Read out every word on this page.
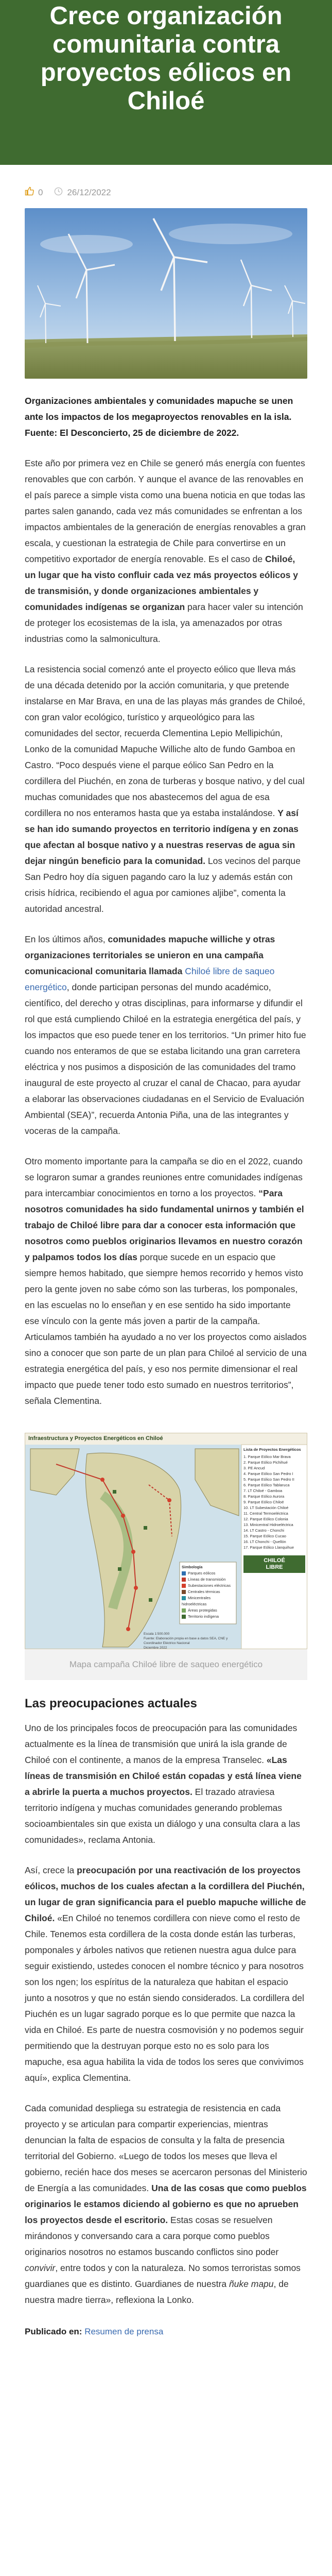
Crece organización comunitaria contra proyectos eólicos en Chiloé
0	26/12/2022

Organizaciones ambientales y comunidades mapuche se unen ante los impactos de los megaproyectos renovables en la isla. Fuente: El Desconcierto, 25 de diciembre de 2022.

Este año por primera vez en Chile se generó más energía con fuentes renovables que con carbón. Y aunque el avance de las renovables en el país parece a simple vista como una buena noticia en que todas las partes salen ganando, cada vez más comunidades se enfrentan a los impactos ambientales de la generación de energías renovables a gran escala, y cuestionan la estrategia de Chile para convertirse en un competitivo exportador de energía renovable. Es el caso de Chiloé, un lugar que ha visto confluir cada vez más proyectos eólicos y de transmisión, y donde organizaciones ambientales y comunidades indígenas se organizan para hacer valer su intención de proteger los ecosistemas de la isla, ya amenazados por otras industrias como la salmonicultura.

La resistencia social comenzó ante el proyecto eólico que lleva más de una década detenido por la acción comunitaria, y que pretende instalarse en Mar Brava, en una de las playas más grandes de Chiloé, con gran valor ecológico, turístico y arqueológico para las comunidades del sector, recuerda Clementina Lepio Mellipichún, Lonko de la comunidad Mapuche Williche alto de fundo Gamboa en Castro. “Poco después viene el parque eólico San Pedro en la cordillera del Piuchén, en zona de turberas y bosque nativo, y del cual muchas comunidades que nos abastecemos del agua de esa cordillera no nos enteramos hasta que ya estaba instalándose. Y así se han ido sumando proyectos en territorio indígena y en zonas que afectan al bosque nativo y a nuestras reservas de agua sin dejar ningún beneficio para la comunidad. Los vecinos del parque San Pedro hoy día siguen pagando caro la luz y además están con crisis hídrica, recibiendo el agua por camiones aljibe”, comenta la autoridad ancestral.

En los últimos años, comunidades mapuche williche y otras organizaciones territoriales se unieron en una campaña comunicacional comunitaria llamada Chiloé libre de saqueo energético, donde participan personas del mundo académico, científico, del derecho y otras disciplinas, para informarse y difundir el rol que está cumpliendo Chiloé en la estrategia energética del país, y los impactos que eso puede tener en los territorios. “Un primer hito fue cuando nos enteramos de que se estaba licitando una gran carretera eléctrica y nos pusimos a disposición de las comunidades del tramo inaugural de este proyecto al cruzar el canal de Chacao, para ayudar a elaborar las observaciones ciudadanas en el Servicio de Evaluación Ambiental (SEA)”, recuerda Antonia Piña, una de las integrantes y voceras de la campaña.

Otro momento importante para la campaña se dio en el 2022, cuando se lograron sumar a grandes reuniones entre comunidades indígenas para intercambiar conocimientos en torno a los proyectos. “Para nosotros comunidades ha sido fundamental unirnos y también el trabajo de Chiloé libre para dar a conocer esta información que nosotros como pueblos originarios llevamos en nuestro corazón y palpamos todos los días porque sucede en un espacio que siempre hemos habitado, que siempre hemos recorrido y hemos visto pero la gente joven no sabe cómo son las turberas, los pomponales, en las escuelas no lo enseñan y en ese sentido ha sido importante ese vínculo con la gente más joven a partir de la campaña. Articulamos también ha ayudado a no ver los proyectos como aislados sino a conocer que son parte de un plan para Chiloé al servicio de una estrategia energética del país, y eso nos permite dimensionar el real impacto que puede tener todo esto sumado en nuestros territorios”, señala Clementina.

Infraestructura y Proyectos Energéticos en Chiloé
Lista de Proyectos Energéticos
1. Parque Eólico Mar Brava
2. Parque Eólico Pichihué
3. PE Ancud
4. Parque Eólico San Pedro I
5. Parque Eólico San Pedro II
6. Parque Eólico Tablaruca
7. LT Chiloé - Gamboa
8. Parque Eólico Aurora
9. Parque Eólico Chiloé
10. LT Subestación Chiloé
11. Central Termoeléctrica
12. Parque Eólico Colonia
13. Minicentral Hidroeléctrica
14. LT Castro - Chonchi
15. Parque Eólico Cucao
16. LT Chonchi - Quellón
17. Parque Eólico Llanquihue
CHILOÉ
LIBRE
Simbología
Parques eólicos
Líneas de transmisión
Subestaciones eléctricas
Centrales térmicas
Minicentrales hidroeléctricas
Áreas protegidas
Territorio indígena
Escala 1:500.000
Fuente: Elaboración propia en base a datos SEA, CNE y Coordinador Eléctrico Nacional
Diciembre 2022

Mapa campaña Chiloé libre de saqueo energético

Las preocupaciones actuales

Uno de los principales focos de preocupación para las comunidades actualmente es la línea de transmisión que unirá la isla grande de Chiloé con el continente, a manos de la empresa Transelec. «Las líneas de transmisión en Chiloé están copadas y está línea viene a abrirle la puerta a muchos proyectos. El trazado atraviesa territorio indígena y muchas comunidades generando problemas socioambientales sin que exista un diálogo y una consulta clara a las comunidades», reclama Antonia.

Así, crece la preocupación por una reactivación de los proyectos eólicos, muchos de los cuales afectan a la cordillera del Piuchén, un lugar de gran significancia para el pueblo mapuche williche de Chiloé. «En Chiloé no tenemos cordillera con nieve como el resto de Chile. Tenemos esta cordillera de la costa donde están las turberas, pomponales y árboles nativos que retienen nuestra agua dulce para seguir existiendo, ustedes conocen el nombre técnico y para nosotros son los ngen; los espíritus de la naturaleza que habitan el espacio junto a nosotros y que no están siendo considerados. La cordillera del Piuchén es un lugar sagrado porque es lo que permite que nazca la vida en Chiloé. Es parte de nuestra cosmovisión y no podemos seguir permitiendo que la destruyan porque esto no es solo para los mapuche, esa agua habilita la vida de todos los seres que convivimos aquí», explica Clementina.

Cada comunidad despliega su estrategia de resistencia en cada proyecto y se articulan para compartir experiencias, mientras denuncian la falta de espacios de consulta y la falta de presencia territorial del Gobierno. «Luego de todos los meses que lleva el gobierno, recién hace dos meses se acercaron personas del Ministerio de Energía a las comunidades. Una de las cosas que como pueblos originarios le estamos diciendo al gobierno es que no aprueben los proyectos desde el escritorio. Estas cosas se resuelven mirándonos y conversando cara a cara porque como pueblos originarios nosotros no estamos buscando conflictos sino poder convivir, entre todos y con la naturaleza. No somos terroristas somos guardianes que es distinto. Guardianes de nuestra ñuke mapu, de nuestra madre tierra», reflexiona la Lonko.

Publicado en: Resumen de prensa
